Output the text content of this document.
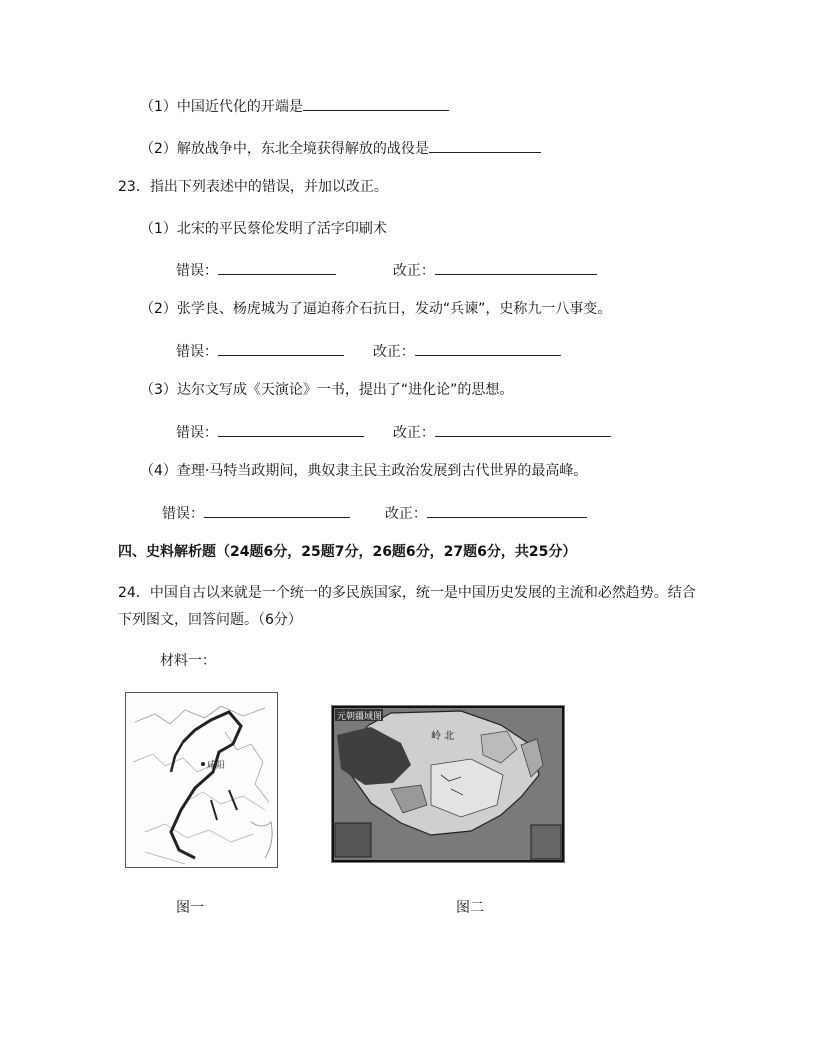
（1）中国近代化的开端是
（2）解放战争中，东北全境获得解放的战役是
23．指出下列表述中的错误，并加以改正。
（1）北宋的平民蔡伦发明了活字印刷术
错误：	改正：
（2）张学良、杨虎城为了逼迫蒋介石抗日，发动“兵谏”，史称九一八事变。
错误：	改正：
（3）达尔文写成《天演论》一书，提出了“进化论”的思想。
错误：	改正：
（4）查理·马特当政期间，典奴隶主民主政治发展到古代世界的最高峰。
错误：	改正：
四、史料解析题（24题6分，25题7分，26题6分，27题6分，共25分）
24．中国自古以来就是一个统一的多民族国家，统一是中国历史发展的主流和必然趋势。结合
下列图文，回答问题。（6分）
材料一：
咸阳
元朝疆域图
岭 北
图一	图二
